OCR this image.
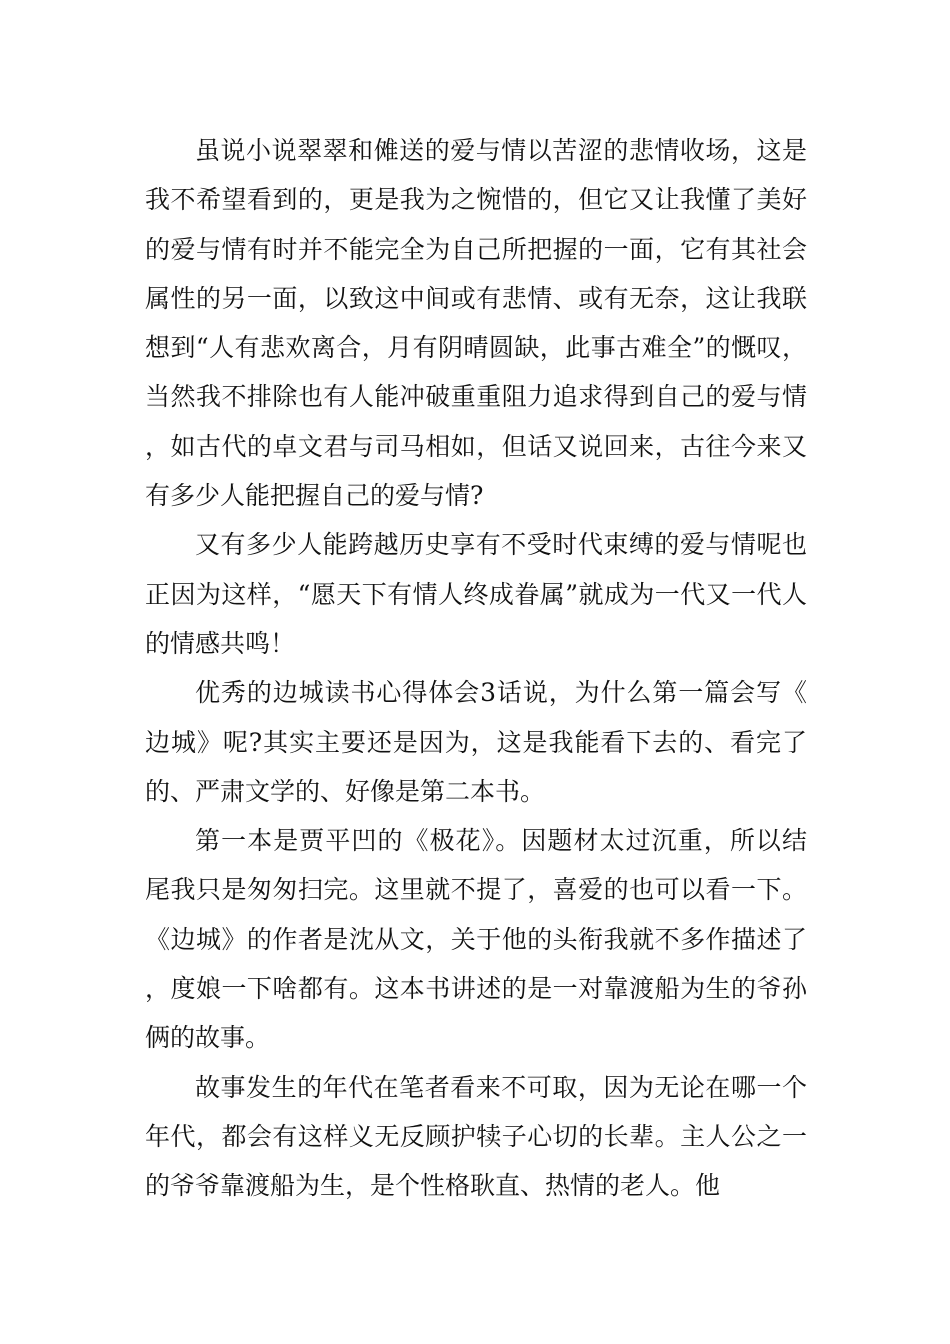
虽说小说翠翠和傩送的爱与情以苦涩的悲情收场，这是我不希望看到的，更是我为之惋惜的，但它又让我懂了美好的爱与情有时并不能完全为自己所把握的一面，它有其社会属性的另一面，以致这中间或有悲情、或有无奈，这让我联想到“人有悲欢离合，月有阴晴圆缺，此事古难全”的慨叹，当然我不排除也有人能冲破重重阻力追求得到自己的爱与情，如古代的卓文君与司马相如，但话又说回来，古往今来又有多少人能把握自己的爱与情?

又有多少人能跨越历史享有不受时代束缚的爱与情呢也正因为这样，“愿天下有情人终成眷属”就成为一代又一代人的情感共鸣！

优秀的边城读书心得体会3话说，为什么第一篇会写《边城》呢?其实主要还是因为，这是我能看下去的、看完了的、严肃文学的、好像是第二本书。

第一本是贾平凹的《极花》。因题材太过沉重，所以结尾我只是匆匆扫完。这里就不提了，喜爱的也可以看一下。《边城》的作者是沈从文，关于他的头衔我就不多作描述了，度娘一下啥都有。这本书讲述的是一对靠渡船为生的爷孙俩的故事。

故事发生的年代在笔者看来不可取，因为无论在哪一个年代，都会有这样义无反顾护犊子心切的长辈。主人公之一的爷爷靠渡船为生，是个性格耿直、热情的老人。他
